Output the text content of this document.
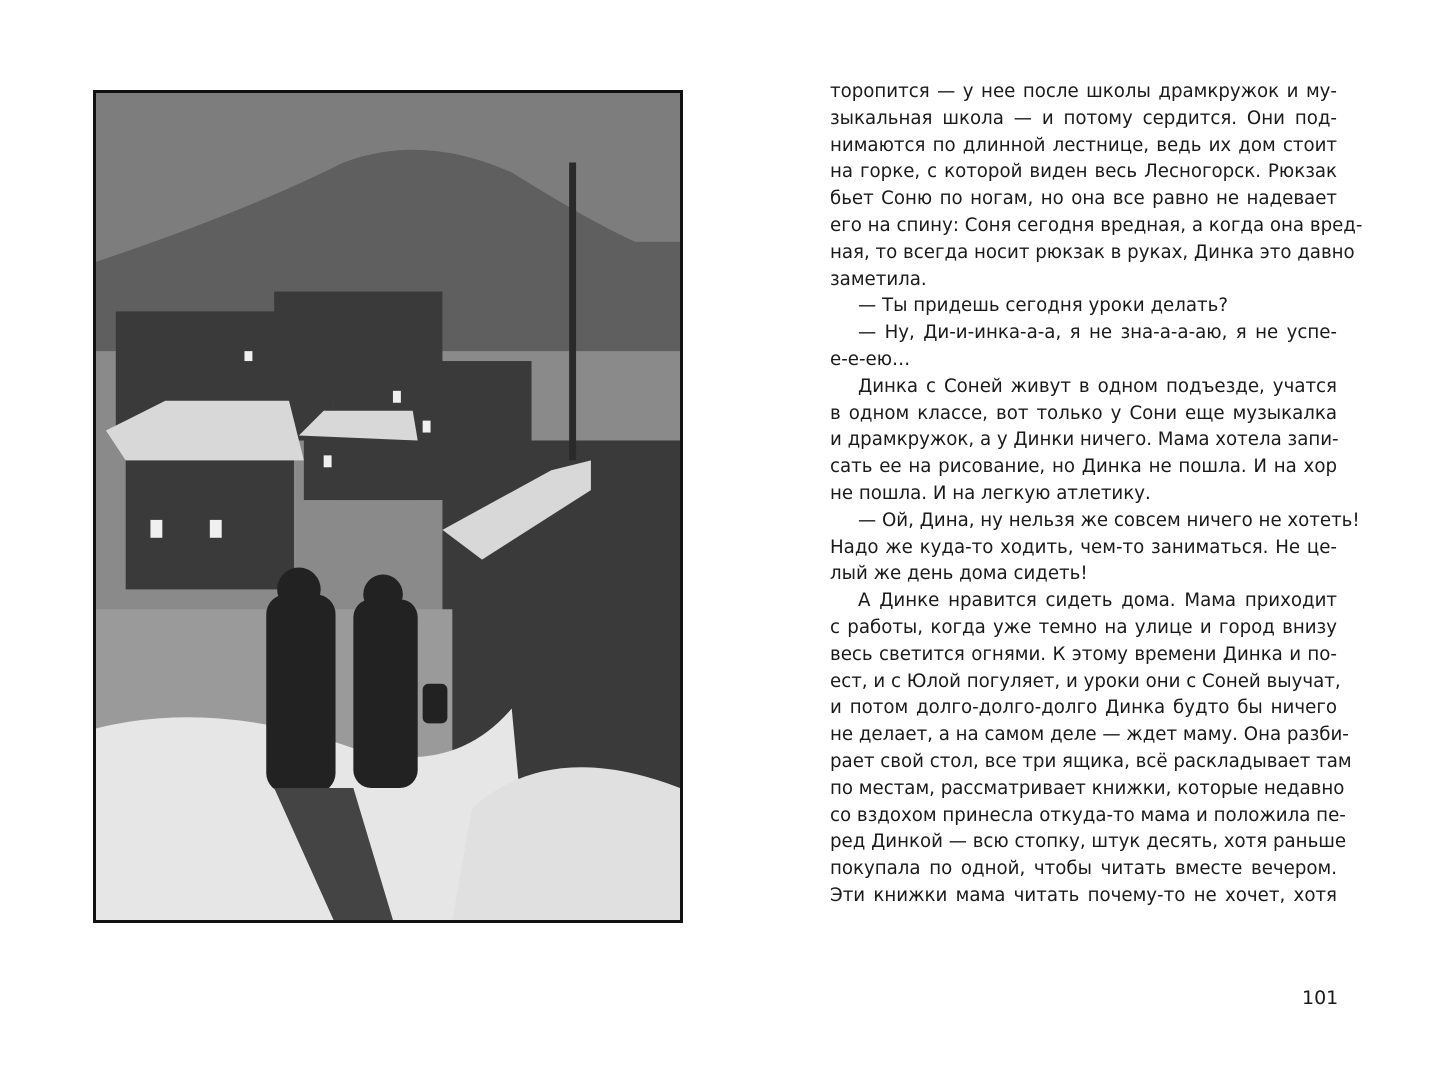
торопится — у нее после школы драмкружок и му-
зыкальная школа — и потому сердится. Они под-
нимаются по длинной лестнице, ведь их дом стоит
на горке, с которой виден весь Лесногорск. Рюкзак
бьет Соню по ногам, но она все равно не надевает
его на спину: Соня сегодня вредная, а когда она вред-
ная, то всегда носит рюкзак в руках, Динка это давно
заметила.
— Ты придешь сегодня уроки делать?
— Ну, Ди-и-инка-а-а, я не зна-а-а-аю, я не успе-
е-е-ею…
Динка с Соней живут в одном подъезде, учатся
в одном классе, вот только у Сони еще музыкалка
и драмкружок, а у Динки ничего. Мама хотела запи-
сать ее на рисование, но Динка не пошла. И на хор
не пошла. И на легкую атлетику.
— Ой, Дина, ну нельзя же совсем ничего не хотеть!
Надо же куда-то ходить, чем-то заниматься. Не це-
лый же день дома сидеть!
А Динке нравится сидеть дома. Мама приходит
с работы, когда уже темно на улице и город внизу
весь светится огнями. К этому времени Динка и по-
ест, и с Юлой погуляет, и уроки они с Соней выучат,
и потом долго-долго-долго Динка будто бы ничего
не делает, а на самом деле — ждет маму. Она разби-
рает свой стол, все три ящика, всё раскладывает там
по местам, рассматривает книжки, которые недавно
со вздохом принесла откуда-то мама и положила пе-
ред Динкой — всю стопку, штук десять, хотя раньше
покупала по одной, чтобы читать вместе вечером.
Эти книжки мама читать почему-то не хочет, хотя
101
